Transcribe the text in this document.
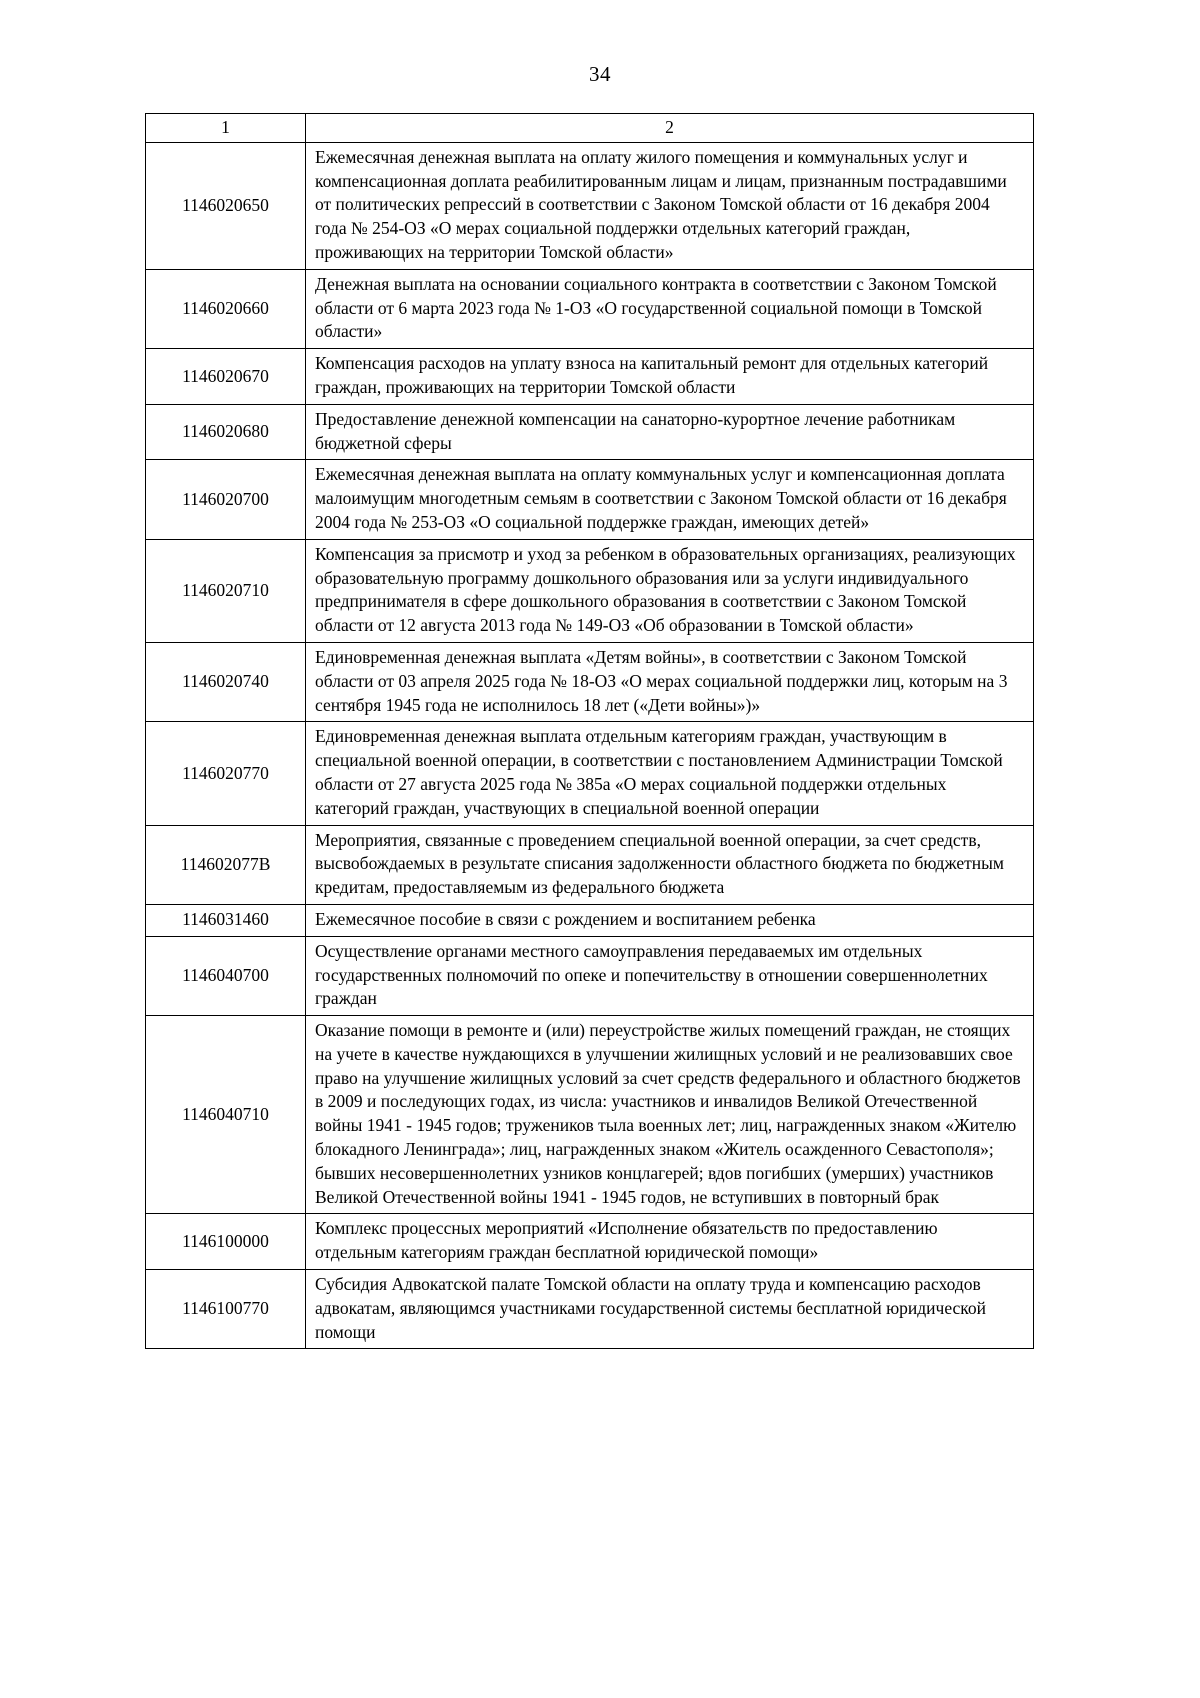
34
1	2
1146020650	Ежемесячная денежная выплата на оплату жилого помещения и коммунальных услуг и компенсационная доплата реабилитированным лицам и лицам, признанным пострадавшими от политических репрессий в соответствии с Законом Томской области от 16 декабря 2004 года № 254-ОЗ «О мерах социальной поддержки отдельных категорий граждан, проживающих на территории Томской области»
1146020660	Денежная выплата на основании социального контракта в соответствии с Законом Томской области от 6 марта 2023 года № 1-ОЗ «О государственной социальной помощи в Томской области»
1146020670	Компенсация расходов на уплату взноса на капитальный ремонт для отдельных категорий граждан, проживающих на территории Томской области
1146020680	Предоставление денежной компенсации на санаторно-курортное лечение работникам бюджетной сферы
1146020700	Ежемесячная денежная выплата на оплату коммунальных услуг и компенсационная доплата малоимущим многодетным семьям в соответствии с Законом Томской области от 16 декабря 2004 года № 253-ОЗ «О социальной поддержке граждан, имеющих детей»
1146020710	Компенсация за присмотр и уход за ребенком в образовательных организациях, реализующих образовательную программу дошкольного образования или за услуги индивидуального предпринимателя в сфере дошкольного образования в соответствии с Законом Томской области от 12 августа 2013 года № 149-ОЗ «Об образовании в Томской области»
1146020740	Единовременная денежная выплата «Детям войны», в соответствии с Законом Томской области от 03 апреля 2025 года № 18-ОЗ «О мерах социальной поддержки лиц, которым на 3 сентября 1945 года не исполнилось 18 лет («Дети войны»)»
1146020770	Единовременная денежная выплата отдельным категориям граждан, участвующим в специальной военной операции, в соответствии с постановлением Администрации Томской области от 27 августа 2025 года № 385а «О мерах социальной поддержки отдельных категорий граждан, участвующих в специальной военной операции
114602077В	Мероприятия, связанные с проведением специальной военной операции, за счет средств, высвобождаемых в результате списания задолженности областного бюджета по бюджетным кредитам, предоставляемым из федерального бюджета
1146031460	Ежемесячное пособие в связи с рождением и воспитанием ребенка
1146040700	Осуществление органами местного самоуправления передаваемых им отдельных государственных полномочий по опеке и попечительству в отношении совершеннолетних граждан
1146040710	Оказание помощи в ремонте и (или) переустройстве жилых помещений граждан, не стоящих на учете в качестве нуждающихся в улучшении жилищных условий и не реализовавших свое право на улучшение жилищных условий за счет средств федерального и областного бюджетов в 2009 и последующих годах, из числа: участников и инвалидов Великой Отечественной войны 1941 - 1945 годов; тружеников тыла военных лет; лиц, награжденных знаком «Жителю блокадного Ленинграда»; лиц, награжденных знаком «Житель осажденного Севастополя»; бывших несовершеннолетних узников концлагерей; вдов погибших (умерших) участников Великой Отечественной войны 1941 - 1945 годов, не вступивших в повторный брак
1146100000	Комплекс процессных мероприятий «Исполнение обязательств по предоставлению отдельным категориям граждан бесплатной юридической помощи»
1146100770	Субсидия Адвокатской палате Томской области на оплату труда и компенсацию расходов адвокатам, являющимся участниками государственной системы бесплатной юридической помощи
